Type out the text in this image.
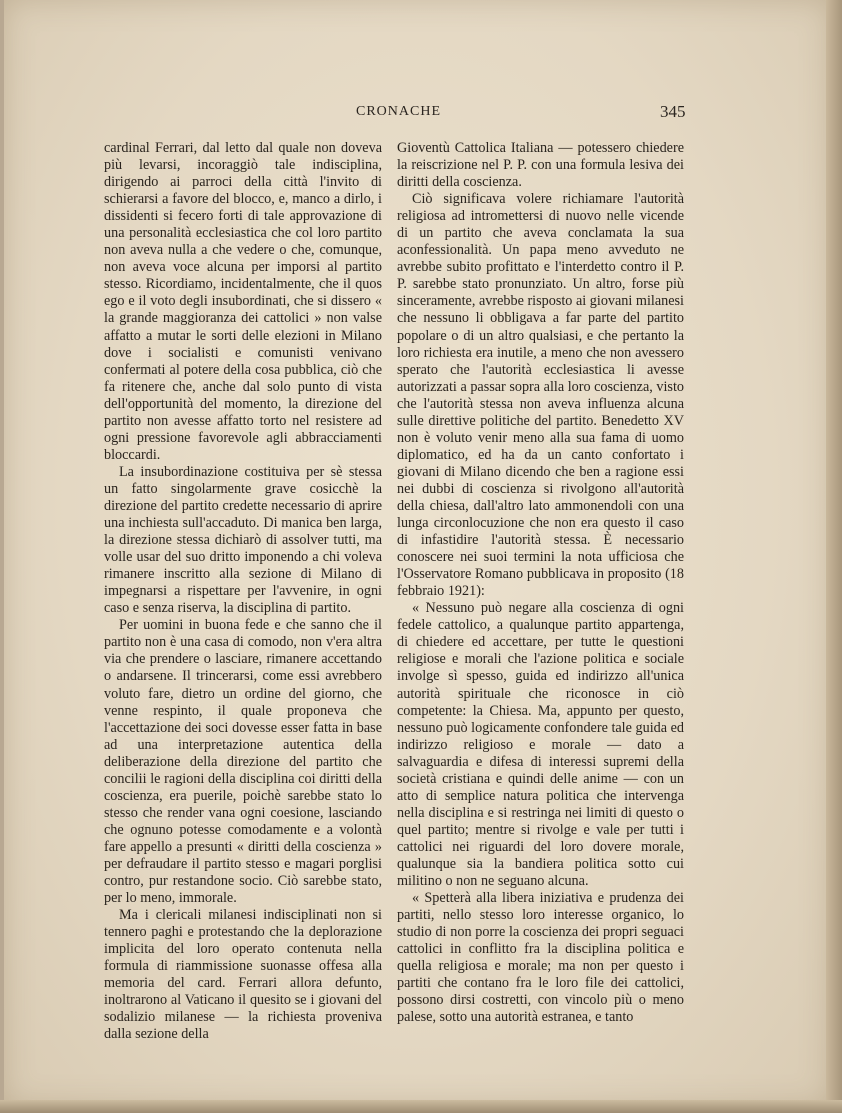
CRONACHE	345

cardinal Ferrari, dal letto dal quale non doveva più levarsi, incoraggiò tale indisciplina, dirigendo ai parroci della città l'invito di schierarsi a favore del blocco, e, manco a dirlo, i dissidenti si fecero forti di tale approvazione di una personalità ecclesiastica che col loro partito non aveva nulla a che vedere o che, comunque, non aveva voce alcuna per imporsi al partito stesso. Ricordiamo, incidentalmente, che il quos ego e il voto degli insubordinati, che si dissero « la grande maggioranza dei cattolici » non valse affatto a mutar le sorti delle elezioni in Milano dove i socialisti e comunisti venivano confermati al potere della cosa pubblica, ciò che fa ritenere che, anche dal solo punto di vista dell'opportunità del momento, la direzione del partito non avesse affatto torto nel resistere ad ogni pressione favorevole agli abbracciamenti bloccardi.

La insubordinazione costituiva per sè stessa un fatto singolarmente grave cosicchè la direzione del partito credette necessario di aprire una inchiesta sull'accaduto. Di manica ben larga, la direzione stessa dichiarò di assolver tutti, ma volle usar del suo dritto imponendo a chi voleva rimanere inscritto alla sezione di Milano di impegnarsi a rispettare per l'avvenire, in ogni caso e senza riserva, la disciplina di partito.

Per uomini in buona fede e che sanno che il partito non è una casa di comodo, non v'era altra via che prendere o lasciare, rimanere accettando o andarsene. Il trincerarsi, come essi avrebbero voluto fare, dietro un ordine del giorno, che venne respinto, il quale proponeva che l'accettazione dei soci dovesse esser fatta in base ad una interpretazione autentica della deliberazione della direzione del partito che concilii le ragioni della disciplina coi diritti della coscienza, era puerile, poichè sarebbe stato lo stesso che render vana ogni coesione, lasciando che ognuno potesse comodamente e a volontà fare appello a presunti « diritti della coscienza » per defraudare il partito stesso e magari porglisi contro, pur restandone socio. Ciò sarebbe stato, per lo meno, immorale.

Ma i clericali milanesi indisciplinati non si tennero paghi e protestando che la deplorazione implicita del loro operato contenuta nella formula di riammissione suonasse offesa alla memoria del card. Ferrari allora defunto, inoltrarono al Vaticano il quesito se i giovani del sodalizio milanese — la richiesta proveniva dalla sezione della

Gioventù Cattolica Italiana — potessero chiedere la reiscrizione nel P. P. con una formula lesiva dei diritti della coscienza.

Ciò significava volere richiamare l'autorità religiosa ad intromettersi di nuovo nelle vicende di un partito che aveva conclamata la sua aconfessionalità. Un papa meno avveduto ne avrebbe subito profittato e l'interdetto contro il P. P. sarebbe stato pronunziato. Un altro, forse più sinceramente, avrebbe risposto ai giovani milanesi che nessuno li obbligava a far parte del partito popolare o di un altro qualsiasi, e che pertanto la loro richiesta era inutile, a meno che non avessero sperato che l'autorità ecclesiastica li avesse autorizzati a passar sopra alla loro coscienza, visto che l'autorità stessa non aveva influenza alcuna sulle direttive politiche del partito. Benedetto XV non è voluto venir meno alla sua fama di uomo diplomatico, ed ha da un canto confortato i giovani di Milano dicendo che ben a ragione essi nei dubbi di coscienza si rivolgono all'autorità della chiesa, dall'altro lato ammonendoli con una lunga circonlocuzione che non era questo il caso di infastidire l'autorità stessa. È necessario conoscere nei suoi termini la nota ufficiosa che l'Osservatore Romano pubblicava in proposito (18 febbraio 1921):

« Nessuno può negare alla coscienza di ogni fedele cattolico, a qualunque partito appartenga, di chiedere ed accettare, per tutte le questioni religiose e morali che l'azione politica e sociale involge sì spesso, guida ed indirizzo all'unica autorità spirituale che riconosce in ciò competente: la Chiesa. Ma, appunto per questo, nessuno può logicamente confondere tale guida ed indirizzo religioso e morale — dato a salvaguardia e difesa di interessi supremi della società cristiana e quindi delle anime — con un atto di semplice natura politica che intervenga nella disciplina e si restringa nei limiti di questo o quel partito; mentre si rivolge e vale per tutti i cattolici nei riguardi del loro dovere morale, qualunque sia la bandiera politica sotto cui militino o non ne seguano alcuna.

« Spetterà alla libera iniziativa e prudenza dei partiti, nello stesso loro interesse organico, lo studio di non porre la coscienza dei propri seguaci cattolici in conflitto fra la disciplina politica e quella religiosa e morale; ma non per questo i partiti che contano fra le loro file dei cattolici, possono dirsi costretti, con vincolo più o meno palese, sotto una autorità estranea, e tanto
